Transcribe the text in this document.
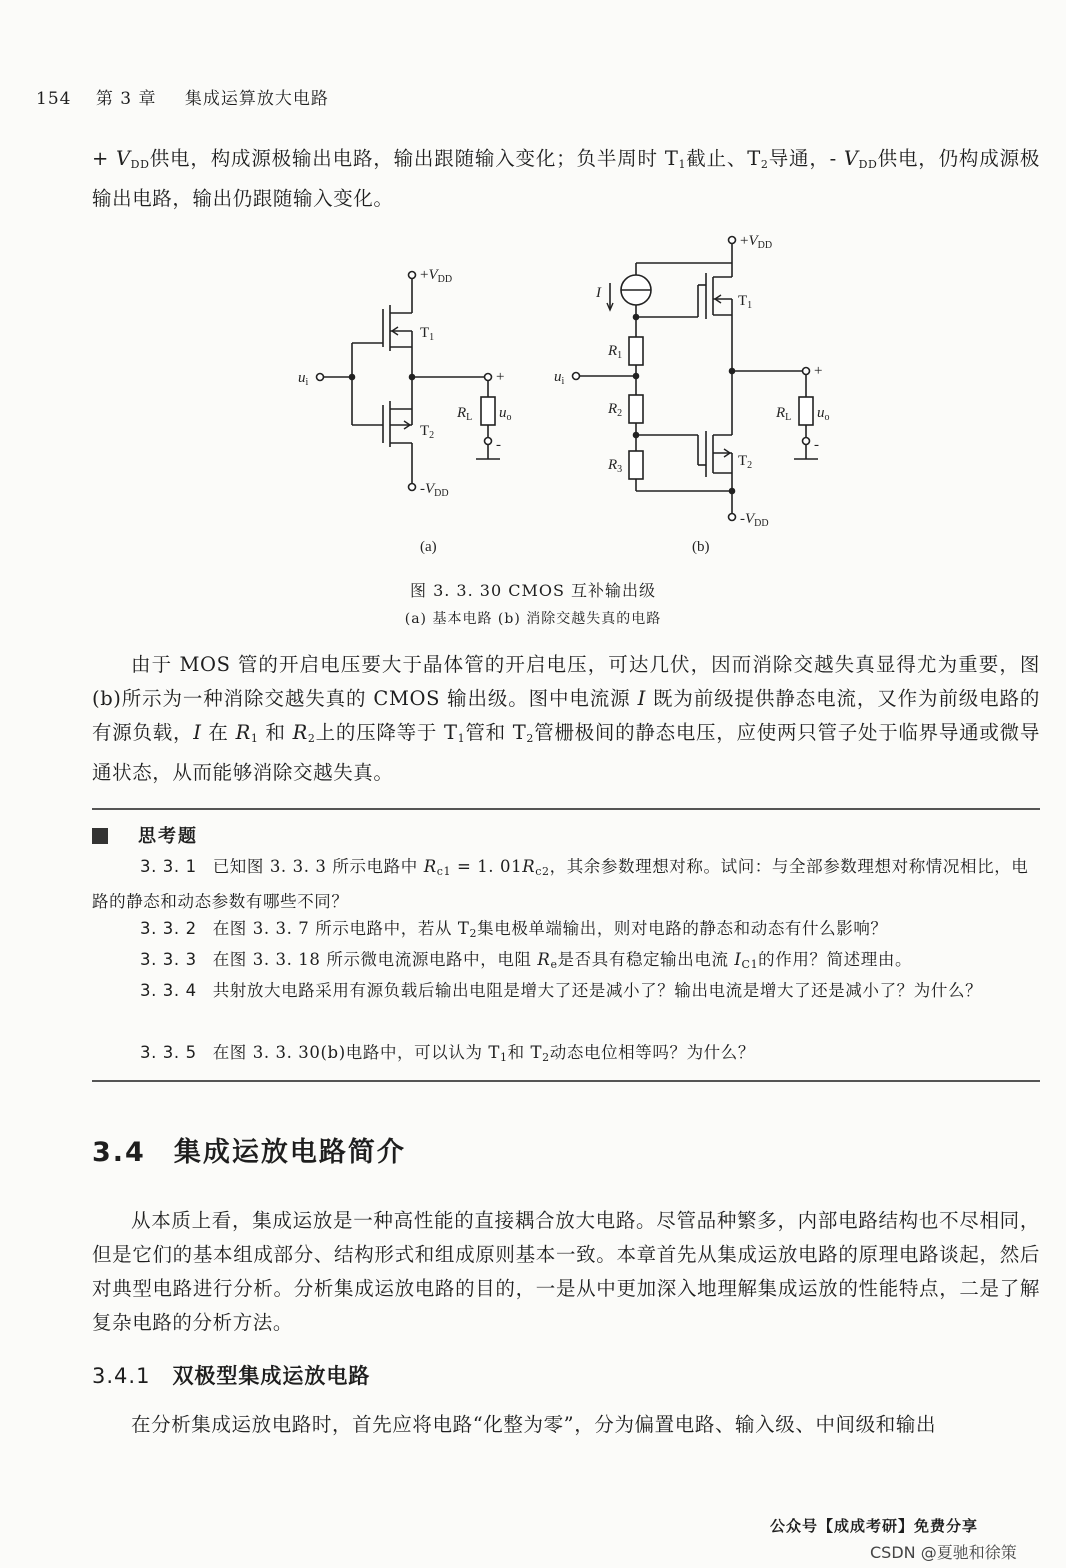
154 第 3 章 集成运算放大电路

+ $V_{DD}$供电，构成源极输出电路，输出跟随输入变化；负半周时 $T_1$截止、$T_2$导通，- $V_{DD}$供电，仍构成源极输出电路，输出仍跟随输入变化。

$+V_{DD}$
$T_1$
$T_2$
$-V_{DD}$
$u_i$	+
-
$R_L$ $u_o$
(a)
$+V_{DD}$
$T_1$
$T_2$
$-V_{DD}$
I
$R_1$
$R_2$
$R_3$
$u_i$
+
-
$R_L$ $u_o$
(b)
图 3. 3. 30 CMOS 互补输出级
(a) 基本电路 (b) 消除交越失真的电路

由于 MOS 管的开启电压要大于晶体管的开启电压，可达几伏，因而消除交越失真显得尤为重要，图(b)所示为一种消除交越失真的 CMOS 输出级。图中电流源 I 既为前级提供静态电流，又作为前级电路的有源负载，I 在 $R_1$ 和 $R_2$上的压降等于 $T_1$管和 $T_2$管栅极间的静态电压，应使两只管子处于临界导通或微导通状态，从而能够消除交越失真。

思考题
3. 3. 1 已知图 3. 3. 3 所示电路中 $R_{c1} = 1$. $01R_{c2}$，其余参数理想对称。试问：与全部参数理想对称情况相比，电路的静态和动态参数有哪些不同？
3. 3. 2 在图 3. 3. 7 所示电路中，若从 $T_2$集电极单端输出，则对电路的静态和动态有什么影响？
3. 3. 3 在图 3. 3. 18 所示微电流源电路中，电阻 $R_e$是否具有稳定输出电流 $I_{C1}$的作用？简述理由。
3. 3. 4 共射放大电路采用有源负载后输出电阻是增大了还是减小了？输出电流是增大了还是减小了？为什么？
3. 3. 5 在图 3. 3. 30(b)电路中，可以认为 $T_1$和 $T_2$动态电位相等吗？为什么？
3.4 集成运放电路简介

从本质上看，集成运放是一种高性能的直接耦合放大电路。尽管品种繁多，内部电路结构也不尽相同，但是它们的基本组成部分、结构形式和组成原则基本一致。本章首先从集成运放电路的原理电路谈起，然后对典型电路进行分析。分析集成运放电路的目的，一是从中更加深入地理解集成运放的性能特点，二是了解复杂电路的分析方法。

3.4.1 双极型集成运放电路

在分析集成运放电路时，首先应将电路“化整为零”，分为偏置电路、输入级、中间级和输出

公众号【成成考研】免费分享
CSDN @夏驰和徐策
